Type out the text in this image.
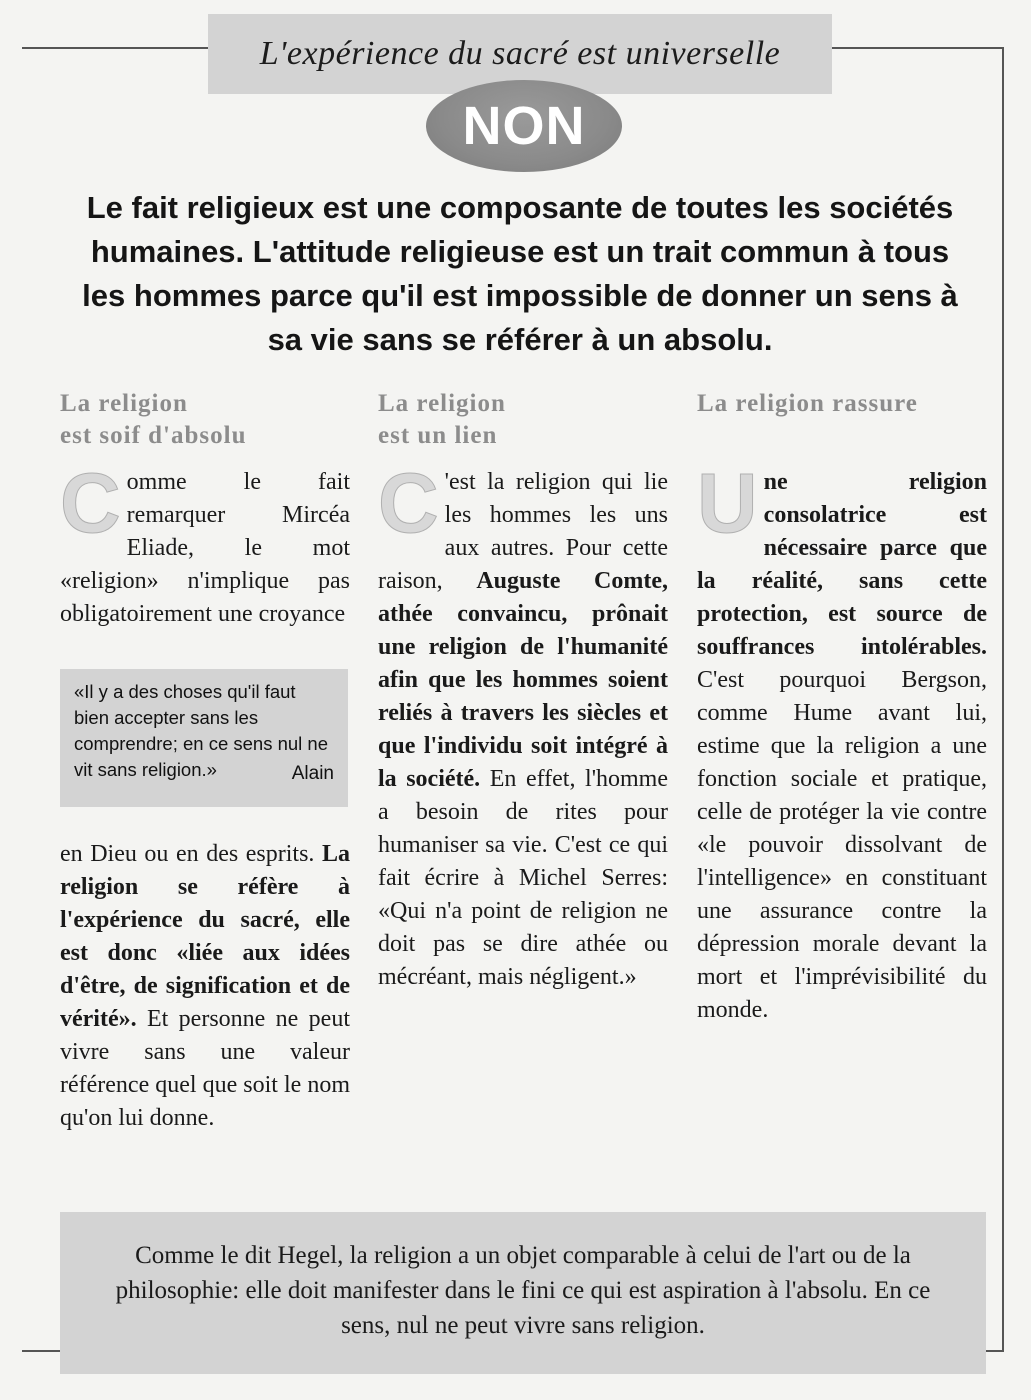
L'expérience du sacré est universelle
NON
Le fait religieux est une composante de toutes les sociétés humaines. L'attitude religieuse est un trait commun à tous les hommes parce qu'il est impossible de donner un sens à sa vie sans se référer à un absolu.
La religion
est soif d'absolu

Comme le fait remarquer Mircéa Eliade, le mot «religion» n'implique pas obligatoirement une croyance

«Il y a des choses qu'il faut bien accepter sans les comprendre; en ce sens nul ne vit sans religion.»	Alain

en Dieu ou en des esprits. La religion se réfère à l'expérience du sacré, elle est donc «liée aux idées d'être, de signification et de vérité». Et personne ne peut vivre sans une valeur référence quel que soit le nom qu'on lui donne.

La religion
est un lien

C 'est la religion qui lie les hommes les uns aux autres. Pour cette raison, Auguste Comte, athée convaincu, prônait une religion de l'humanité afin que les hommes soient reliés à travers les siècles et que l'individu soit intégré à la société. En effet, l'homme a besoin de rites pour humaniser sa vie. C'est ce qui fait écrire à Michel Serres: «Qui n'a point de religion ne doit pas se dire athée ou mécréant, mais négligent.»

La religion rassure

Une religion consolatrice est nécessaire parce que la réalité, sans cette protection, est source de souffrances intolérables. C'est pourquoi Bergson, comme Hume avant lui, estime que la religion a une fonction sociale et pratique, celle de protéger la vie contre «le pouvoir dissolvant de l'intelligence» en constituant une assurance contre la dépression morale devant la mort et l'imprévisibilité du monde.

Comme le dit Hegel, la religion a un objet comparable à celui de l'art ou de la philosophie: elle doit manifester dans le fini ce qui est aspiration à l'absolu. En ce sens, nul ne peut vivre sans religion.
